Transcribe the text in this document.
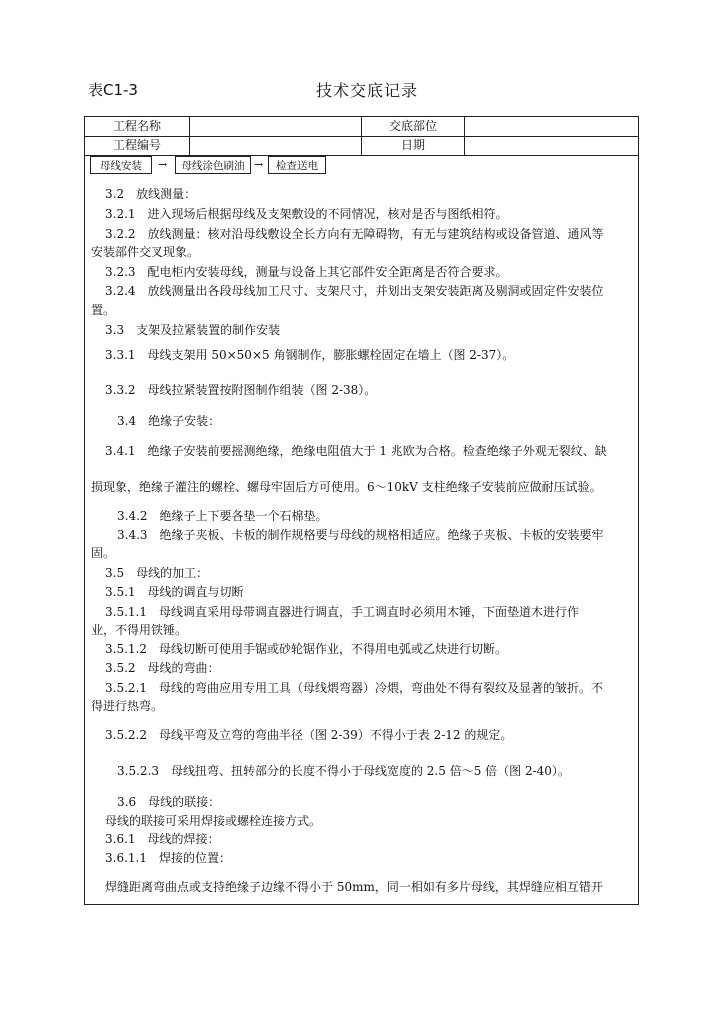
表C1-3	技术交底记录
工程名称	交底部位
工程编号	日期
母线安装	→	母线涂色刷油 →	检查送电
3.2　放线测量：
3.2.1　进入现场后根据母线及支架敷设的不同情况，核对是否与图纸相符。
3.2.2　放线测量：核对沿母线敷设全长方向有无障碍物，有无与建筑结构或设备管道、通风等
安装部件交叉现象。
3.2.3　配电柜内安装母线，测量与设备上其它部件安全距离是否符合要求。
3.2.4　放线测量出各段母线加工尺寸、支架尺寸，并划出支架安装距离及剔洞或固定件安装位
置。
3.3　支架及拉紧装置的制作安装
3.3.1　母线支架用 50×50×5 角钢制作，膨胀螺栓固定在墙上（图 2-37）。
3.3.2　母线拉紧装置按附图制作组装（图 2-38）。
3.4　绝缘子安装：
3.4.1　绝缘子安装前要摇测绝缘，绝缘电阻值大于 1 兆欧为合格。检查绝缘子外观无裂纹、缺
损现象，绝缘子灌注的螺栓、螺母牢固后方可使用。6～10kV 支柱绝缘子安装前应做耐压试验。
3.4.2　绝缘子上下要各垫一个石棉垫。
3.4.3　绝缘子夹板、卡板的制作规格要与母线的规格相适应。绝缘子夹板、卡板的安装要牢
固。
3.5　母线的加工：
3.5.1　母线的调直与切断
3.5.1.1　母线调直采用母带调直器进行调直，手工调直时必须用木锤，下面垫道木进行作
业，不得用铁锤。
3.5.1.2　母线切断可使用手锯或砂轮锯作业，不得用电弧或乙炔进行切断。
3.5.2　母线的弯曲：
3.5.2.1　母线的弯曲应用专用工具（母线煨弯器）冷煨，弯曲处不得有裂纹及显著的皱折。不
得进行热弯。
3.5.2.2　母线平弯及立弯的弯曲半径（图 2-39）不得小于表 2-12 的规定。
3.5.2.3　母线扭弯、扭转部分的长度不得小于母线宽度的 2.5 倍～5 倍（图 2-40）。
3.6　母线的联接：
母线的联接可采用焊接或螺栓连接方式。
3.6.1　母线的焊接：
3.6.1.1　焊接的位置：
焊缝距离弯曲点或支持绝缘子边缘不得小于 50mm，同一相如有多片母线，其焊缝应相互错开
